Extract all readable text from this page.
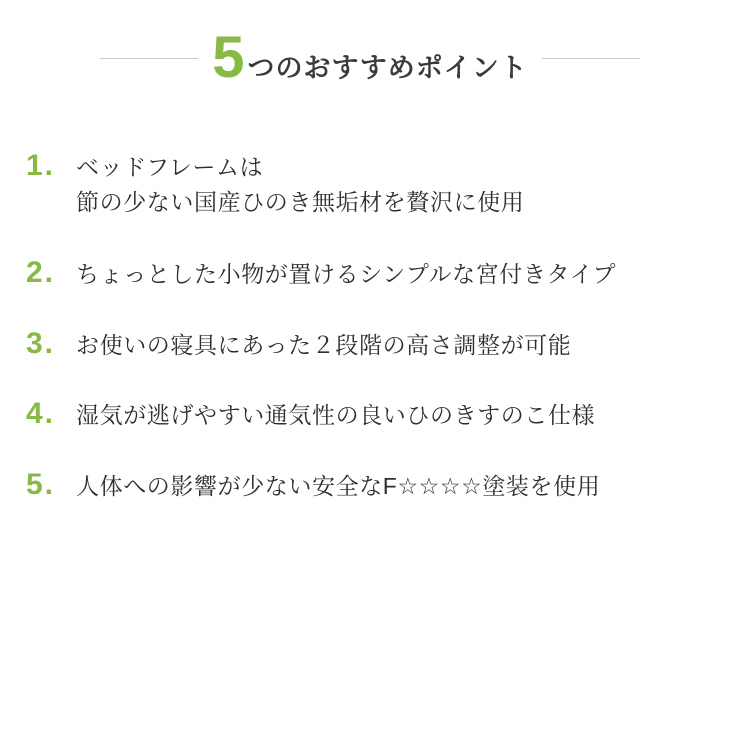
5 つのおすすめポイント
1. ベッドフレームは
節の少ない国産ひのき無垢材を贅沢に使用
2. ちょっとした小物が置けるシンプルな宮付きタイプ
3. お使いの寝具にあった２段階の高さ調整が可能
4. 湿気が逃げやすい通気性の良いひのきすのこ仕様
5. 人体への影響が少ない安全なF☆☆☆☆塗装を使用
